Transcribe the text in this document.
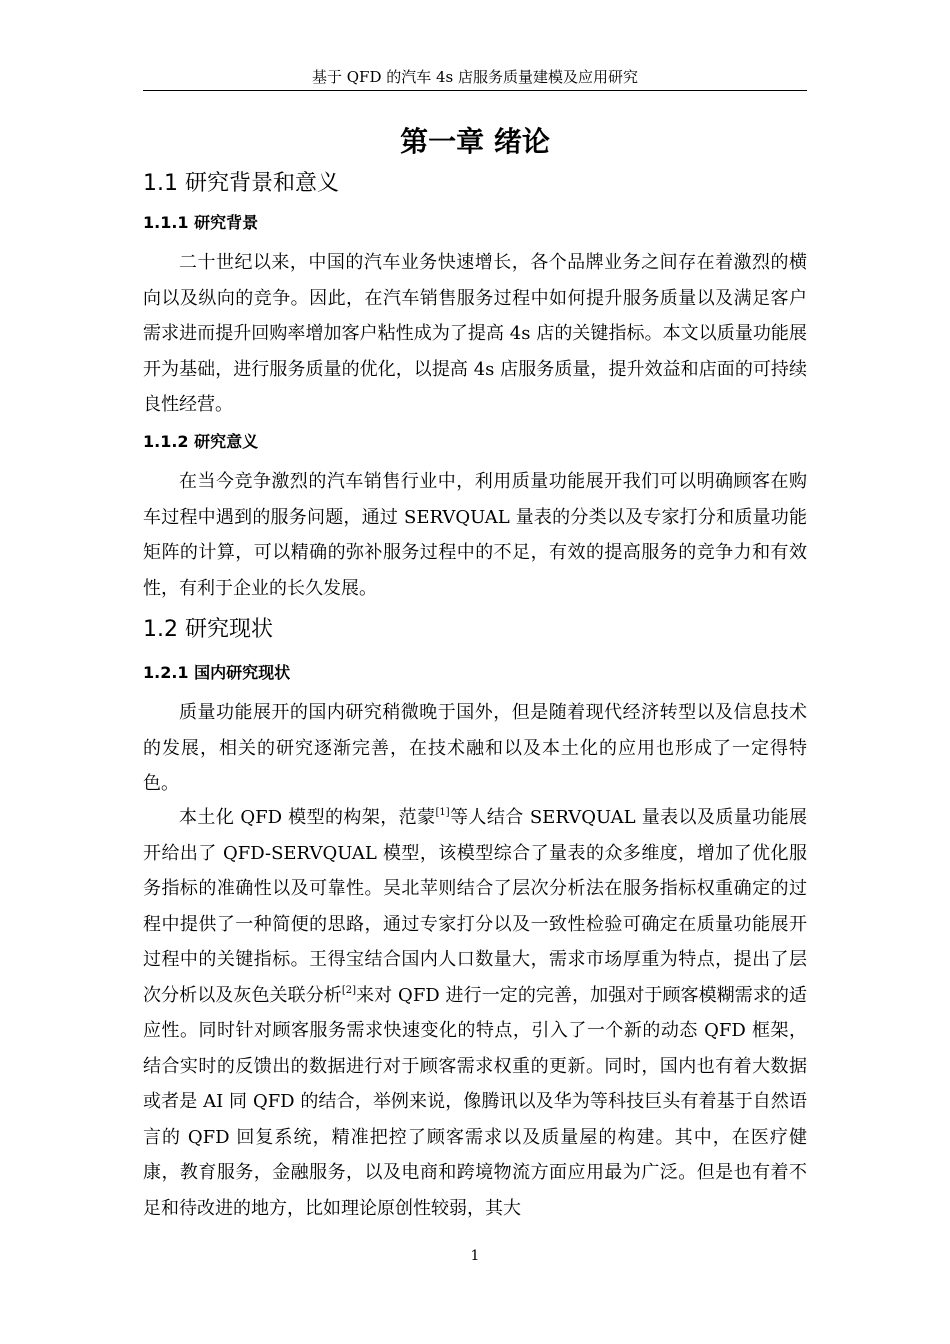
基于 QFD 的汽车 4s 店服务质量建模及应用研究
第一章 绪论
1.1 研究背景和意义
1.1.1 研究背景

二十世纪以来，中国的汽车业务快速增长，各个品牌业务之间存在着激烈的横向以及纵向的竞争。因此，在汽车销售服务过程中如何提升服务质量以及满足客户需求进而提升回购率增加客户粘性成为了提高 4s 店的关键指标。本文以质量功能展开为基础，进行服务质量的优化，以提高 4s 店服务质量，提升效益和店面的可持续良性经营。

1.1.2 研究意义

在当今竞争激烈的汽车销售行业中，利用质量功能展开我们可以明确顾客在购车过程中遇到的服务问题，通过 SERVQUAL 量表的分类以及专家打分和质量功能矩阵的计算，可以精确的弥补服务过程中的不足，有效的提高服务的竞争力和有效性，有利于企业的长久发展。

1.2 研究现状
1.2.1 国内研究现状

质量功能展开的国内研究稍微晚于国外，但是随着现代经济转型以及信息技术的发展，相关的研究逐渐完善，在技术融和以及本土化的应用也形成了一定得特色。

本土化 QFD 模型的构架，范蒙[1]等人结合 SERVQUAL 量表以及质量功能展开给出了 QFD-SERVQUAL 模型，该模型综合了量表的众多维度，增加了优化服务指标的准确性以及可靠性。吴北苹则结合了层次分析法在服务指标权重确定的过程中提供了一种简便的思路，通过专家打分以及一致性检验可确定在质量功能展开过程中的关键指标。王得宝结合国内人口数量大，需求市场厚重为特点，提出了层次分析以及灰色关联分析[2]来对 QFD 进行一定的完善，加强对于顾客模糊需求的适应性。同时针对顾客服务需求快速变化的特点，引入了一个新的动态 QFD 框架，结合实时的反馈出的数据进行对于顾客需求权重的更新。同时，国内也有着大数据或者是 AI 同 QFD 的结合，举例来说，像腾讯以及华为等科技巨头有着基于自然语言的 QFD 回复系统，精准把控了顾客需求以及质量屋的构建。其中，在医疗健康，教育服务，金融服务，以及电商和跨境物流方面应用最为广泛。但是也有着不足和待改进的地方，比如理论原创性较弱，其大

1
